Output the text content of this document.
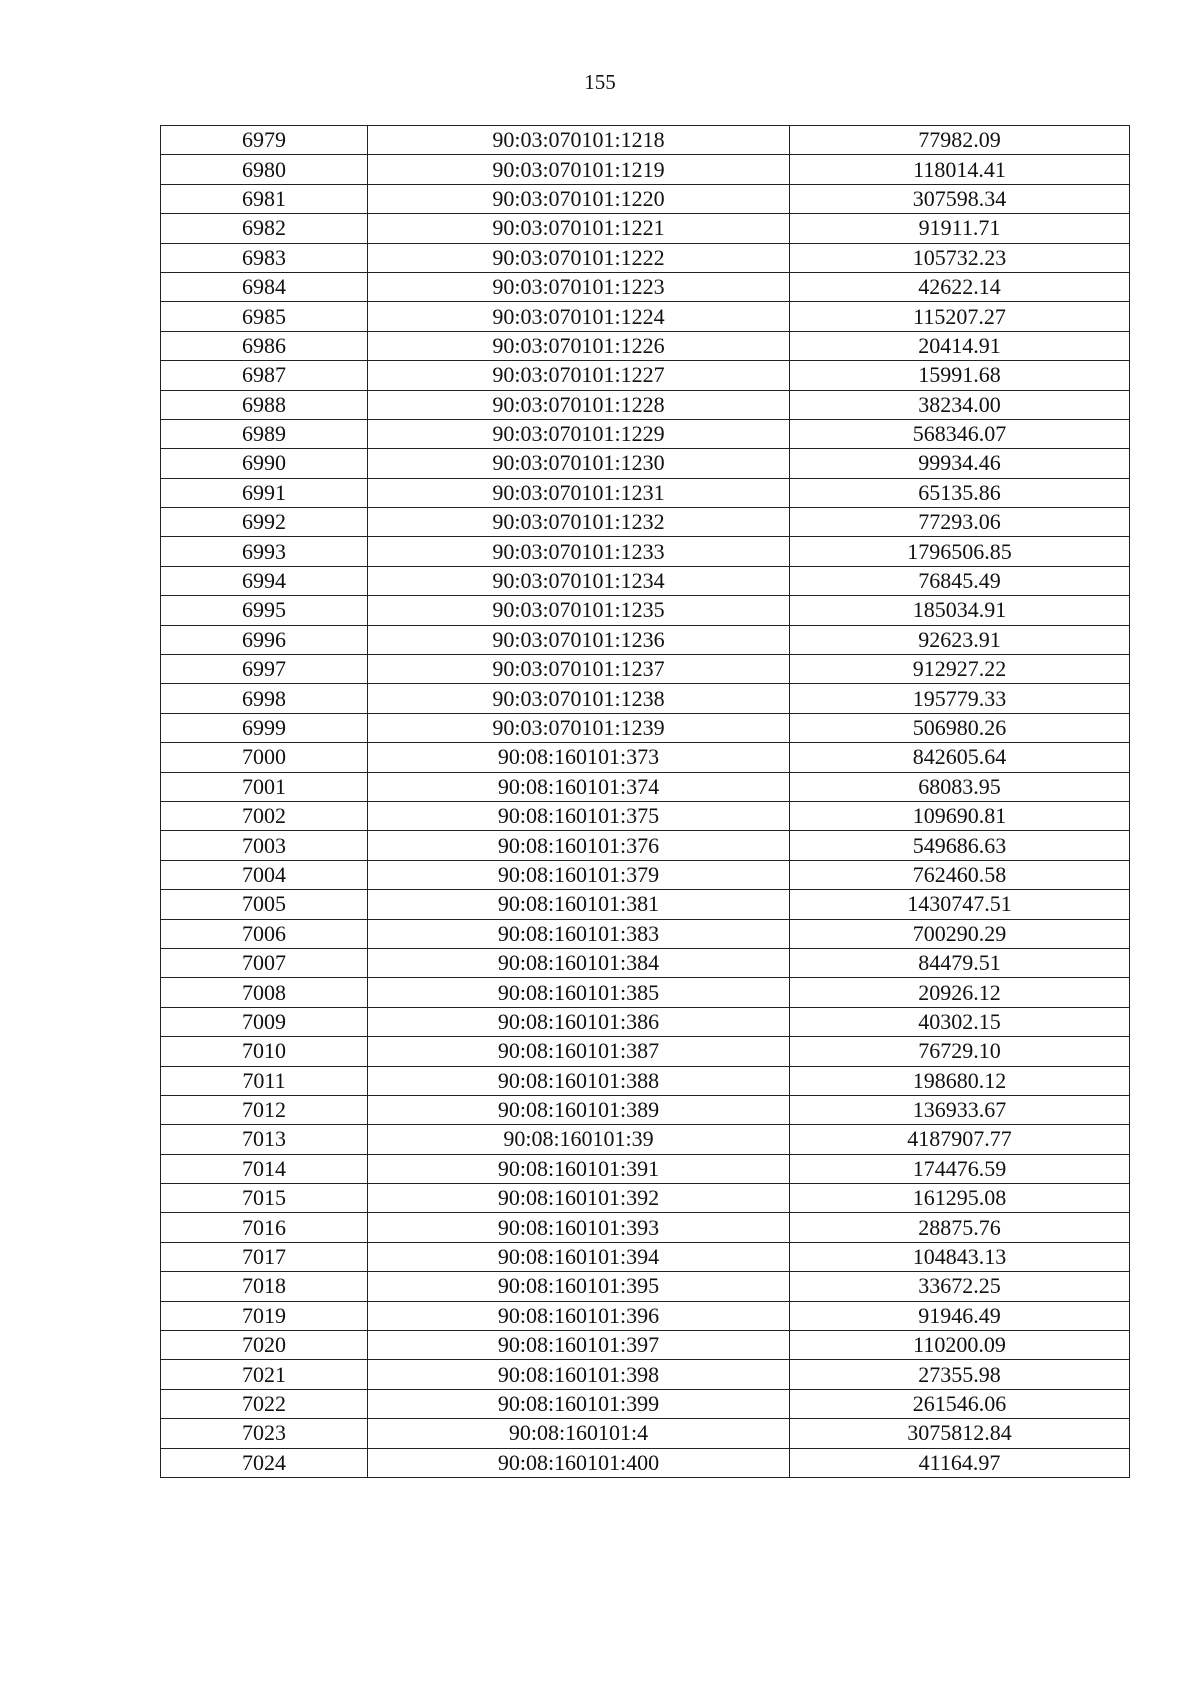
155
6979	90:03:070101:1218	77982.09
6980	90:03:070101:1219	118014.41
6981	90:03:070101:1220	307598.34
6982	90:03:070101:1221	91911.71
6983	90:03:070101:1222	105732.23
6984	90:03:070101:1223	42622.14
6985	90:03:070101:1224	115207.27
6986	90:03:070101:1226	20414.91
6987	90:03:070101:1227	15991.68
6988	90:03:070101:1228	38234.00
6989	90:03:070101:1229	568346.07
6990	90:03:070101:1230	99934.46
6991	90:03:070101:1231	65135.86
6992	90:03:070101:1232	77293.06
6993	90:03:070101:1233	1796506.85
6994	90:03:070101:1234	76845.49
6995	90:03:070101:1235	185034.91
6996	90:03:070101:1236	92623.91
6997	90:03:070101:1237	912927.22
6998	90:03:070101:1238	195779.33
6999	90:03:070101:1239	506980.26
7000	90:08:160101:373	842605.64
7001	90:08:160101:374	68083.95
7002	90:08:160101:375	109690.81
7003	90:08:160101:376	549686.63
7004	90:08:160101:379	762460.58
7005	90:08:160101:381	1430747.51
7006	90:08:160101:383	700290.29
7007	90:08:160101:384	84479.51
7008	90:08:160101:385	20926.12
7009	90:08:160101:386	40302.15
7010	90:08:160101:387	76729.10
7011	90:08:160101:388	198680.12
7012	90:08:160101:389	136933.67
7013	90:08:160101:39	4187907.77
7014	90:08:160101:391	174476.59
7015	90:08:160101:392	161295.08
7016	90:08:160101:393	28875.76
7017	90:08:160101:394	104843.13
7018	90:08:160101:395	33672.25
7019	90:08:160101:396	91946.49
7020	90:08:160101:397	110200.09
7021	90:08:160101:398	27355.98
7022	90:08:160101:399	261546.06
7023	90:08:160101:4	3075812.84
7024	90:08:160101:400	41164.97
